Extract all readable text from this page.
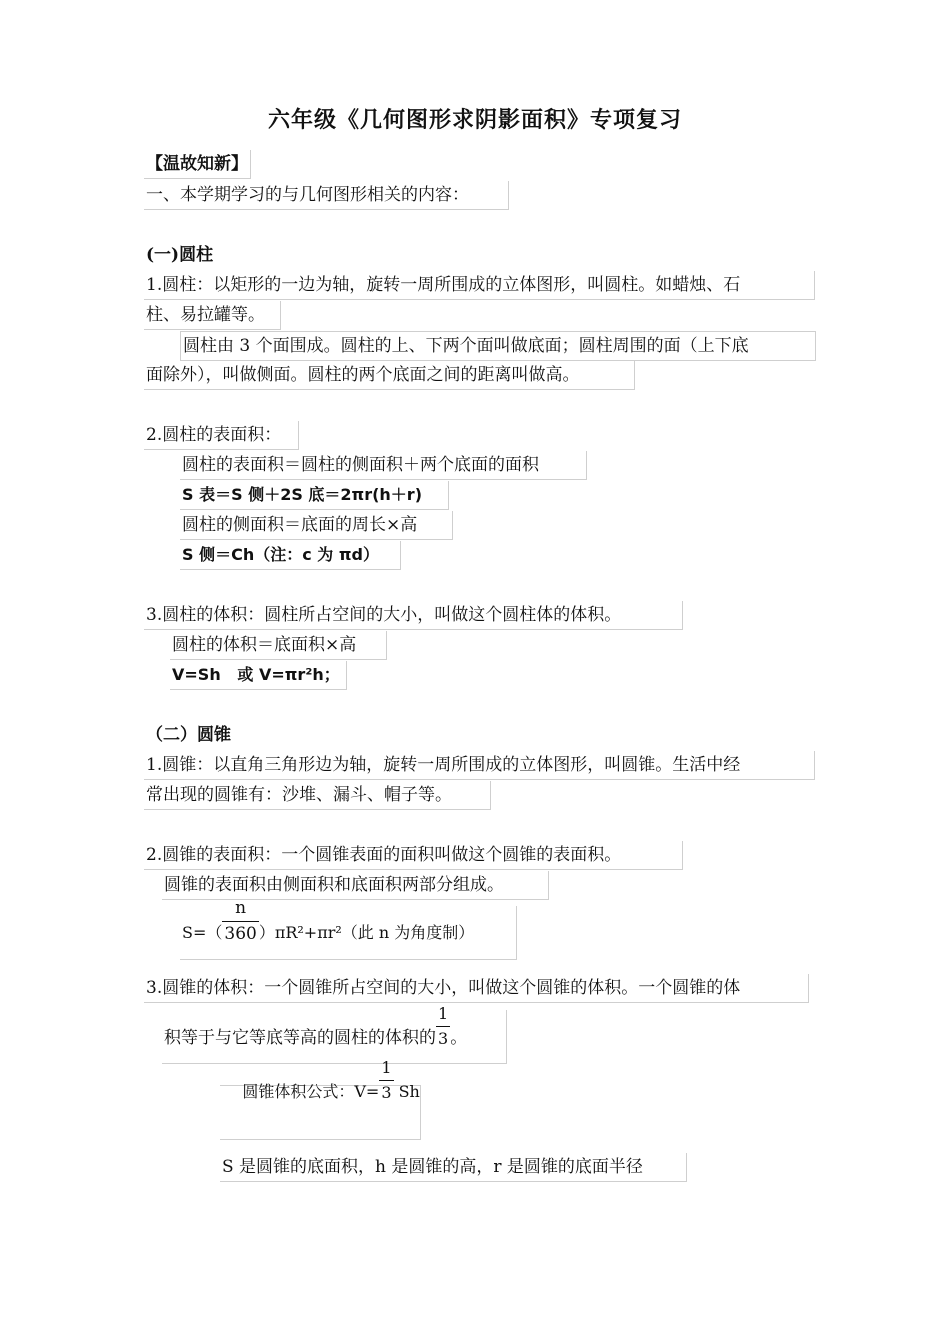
六年级《几何图形求阴影面积》专项复习
【温故知新】
一、本学期学习的与几何图形相关的内容：
(一)圆柱
1.圆柱：以矩形的一边为轴，旋转一周所围成的立体图形，叫圆柱。如蜡烛、石
柱、易拉罐等。
圆柱由 3 个面围成。圆柱的上、下两个面叫做底面；圆柱周围的面（上下底
面除外），叫做侧面。圆柱的两个底面之间的距离叫做高。
2.圆柱的表面积：
圆柱的表面积＝圆柱的侧面积＋两个底面的面积
S 表＝S 侧＋2S 底＝2πr(h＋r)
圆柱的侧面积＝底面的周长×高
S 侧＝Ch（注：c 为 πd）
3.圆柱的体积：圆柱所占空间的大小，叫做这个圆柱体的体积。
圆柱的体积＝底面积×高
V=Sh   或 V=πr²h；
（二）圆锥
1.圆锥：以直角三角形边为轴，旋转一周所围成的立体图形，叫圆锥。生活中经
常出现的圆锥有：沙堆、漏斗、帽子等。
2.圆锥的表面积：一个圆锥表面的面积叫做这个圆锥的表面积。
圆锥的表面积由侧面积和底面积两部分组成。
$S=( \frac{n}{360} )\pi R^2+\pi r^2$（此 n 为角度制）
3.圆锥的体积：一个圆锥所占空间的大小，叫做这个圆锥的体积。一个圆锥的体
积等于与它等底等高的圆柱的体积的 $\frac{1}{3}$ 。

圆锥体积公式：$V= \frac{1}{3}$ Sh

S 是圆锥的底面积，h 是圆锥的高，r 是圆锥的底面半径
